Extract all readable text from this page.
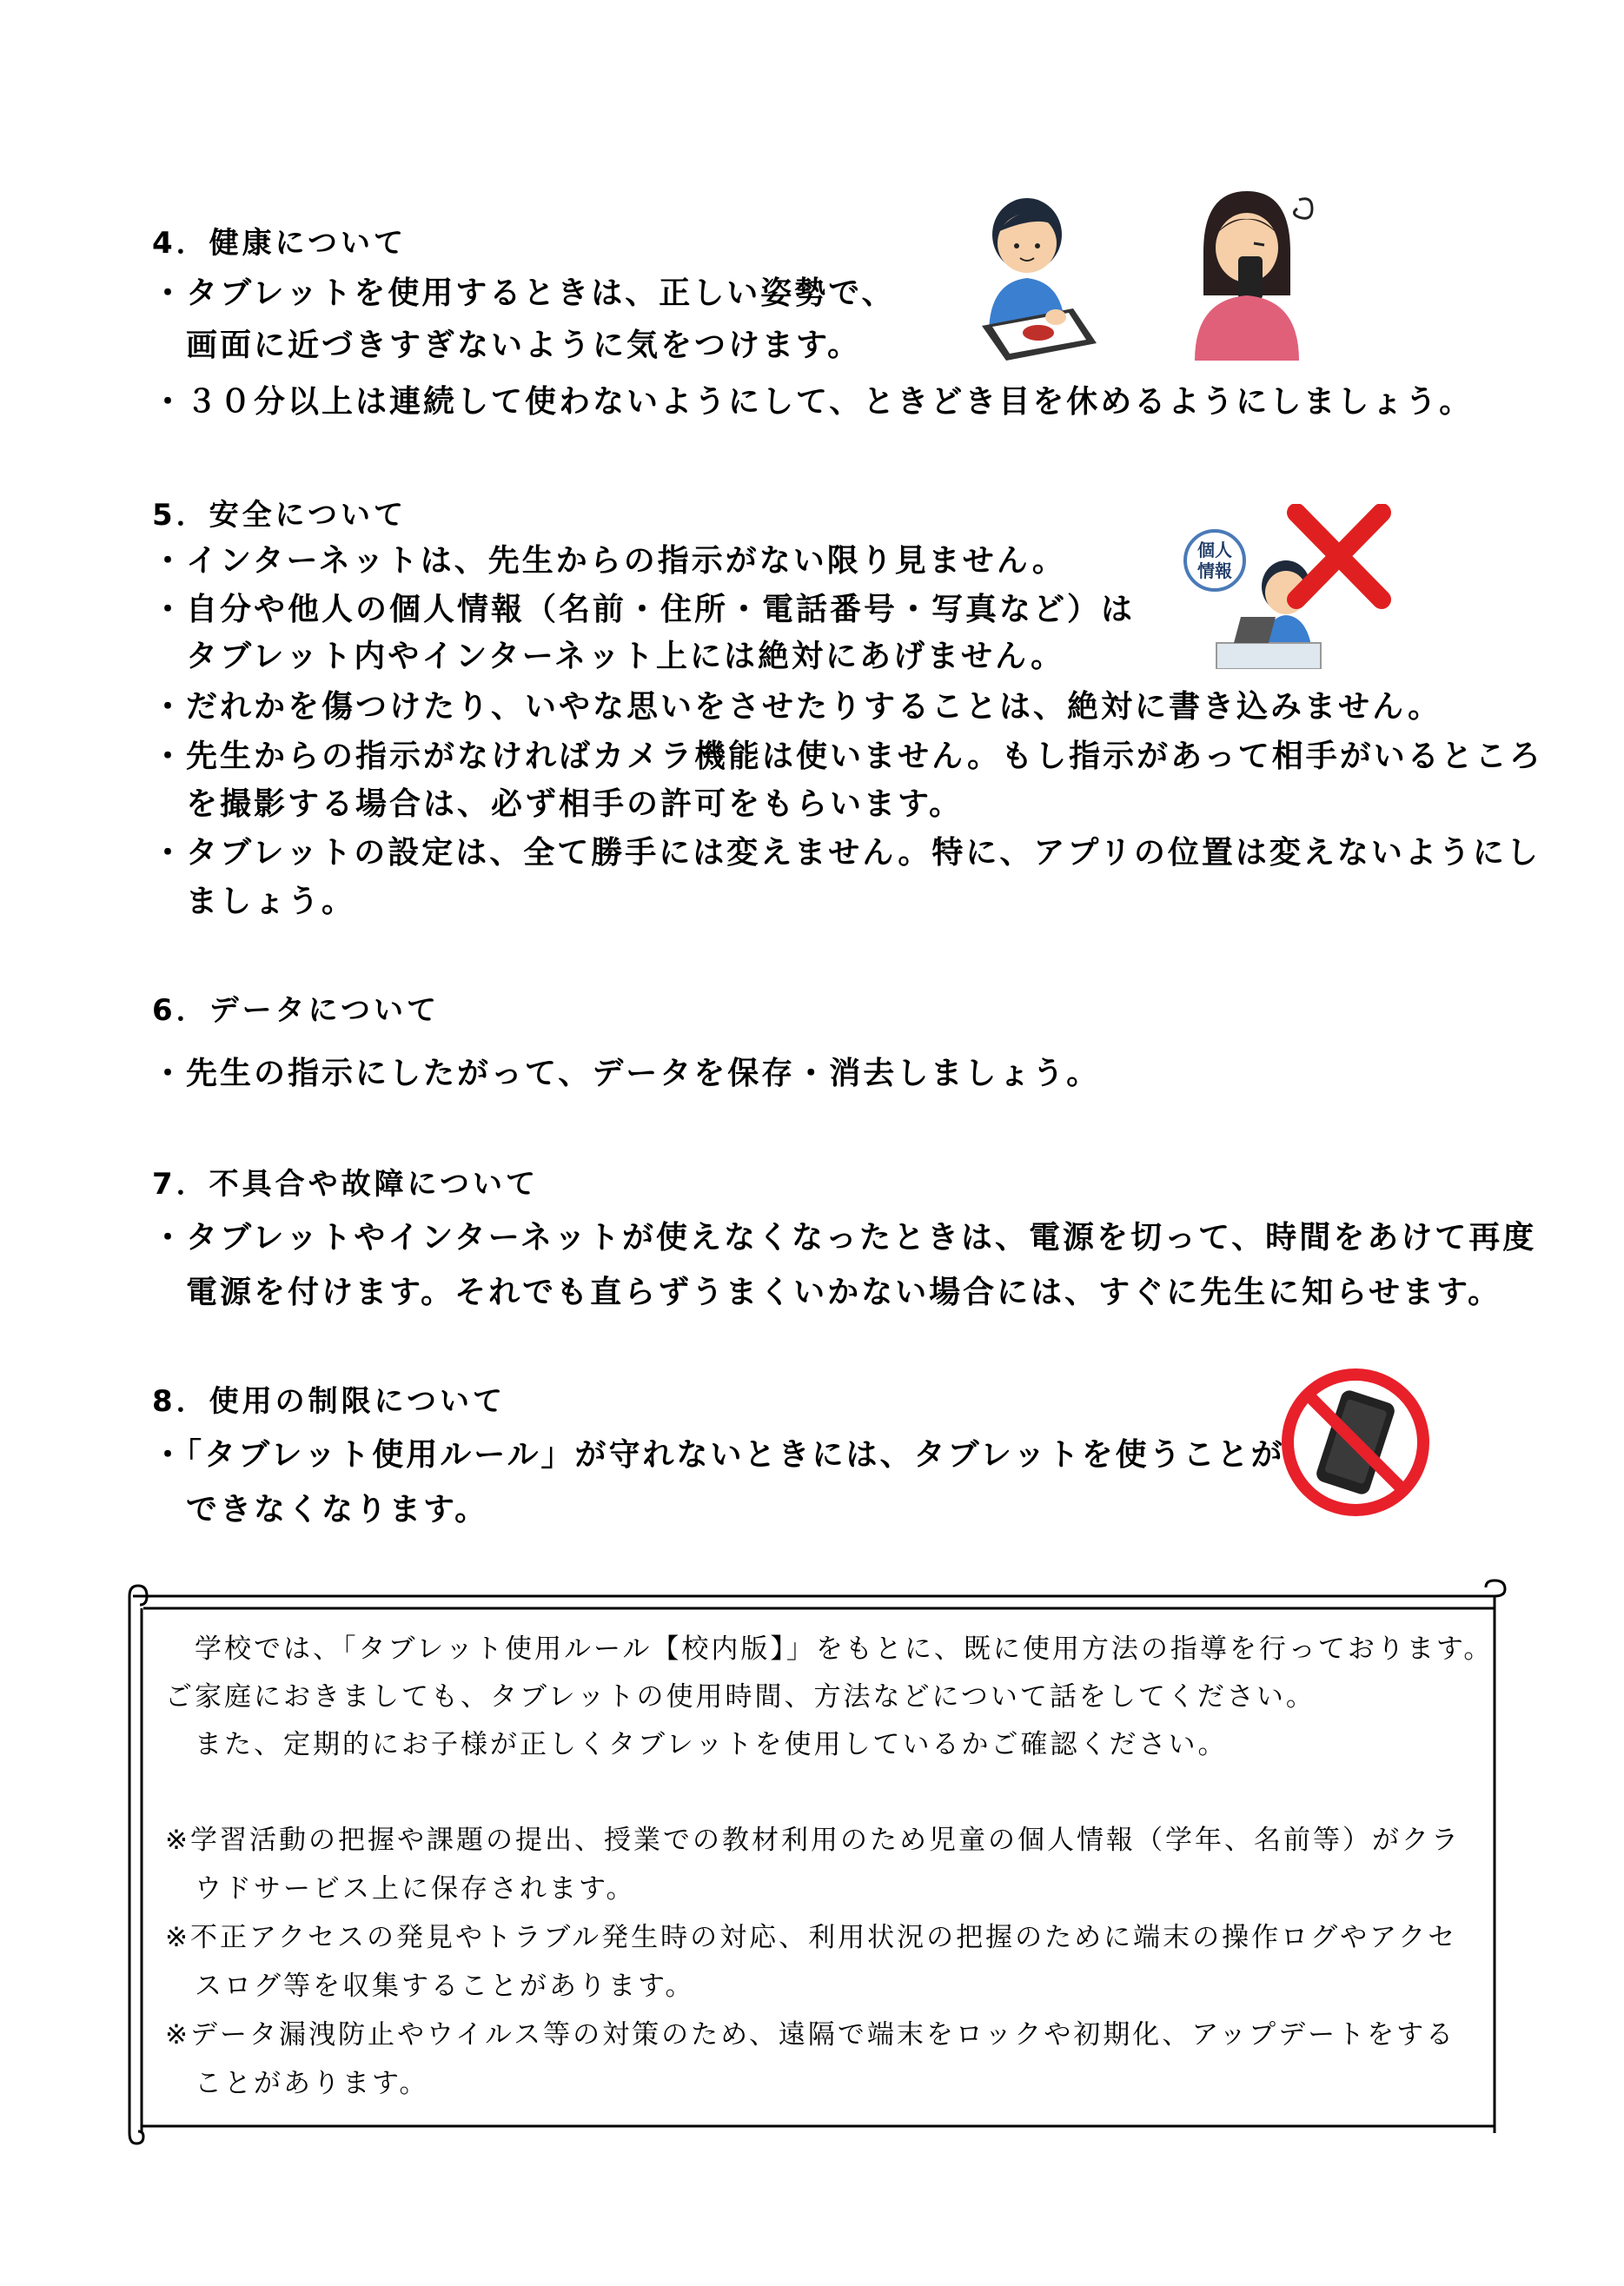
4．健康について
・タブレットを使用するときは、正しい姿勢で、
　画面に近づきすぎないように気をつけます。
・３０分以上は連続して使わないようにして、ときどき目を休めるようにしましょう。
5．安全について
・インターネットは、先生からの指示がない限り見ません。
・自分や他人の個人情報（名前・住所・電話番号・写真など）は
　タブレット内やインターネット上には絶対にあげません。
・だれかを傷つけたり、いやな思いをさせたりすることは、絶対に書き込みません。
・先生からの指示がなければカメラ機能は使いません。もし指示があって相手がいるところ
　を撮影する場合は、必ず相手の許可をもらいます。
・タブレットの設定は、全て勝手には変えません。特に、アプリの位置は変えないようにし
　ましょう。
6．データについて
・先生の指示にしたがって、データを保存・消去しましょう。
7．不具合や故障について
・タブレットやインターネットが使えなくなったときは、電源を切って、時間をあけて再度
　電源を付けます。それでも直らずうまくいかない場合には、すぐに先生に知らせます。
8．使用の制限について
・「タブレット使用ルール」が守れないときには、タブレットを使うことが
　できなくなります。
個人
情報
　学校では、「タブレット使用ルール【校内版】」をもとに、既に使用方法の指導を行っております。
ご家庭におきましても、タブレットの使用時間、方法などについて話をしてください。
　また、定期的にお子様が正しくタブレットを使用しているかご確認ください。
※学習活動の把握や課題の提出、授業での教材利用のため児童の個人情報（学年、名前等）がクラ
　ウドサービス上に保存されます。
※不正アクセスの発見やトラブル発生時の対応、利用状況の把握のために端末の操作ログやアクセ
　スログ等を収集することがあります。
※データ漏洩防止やウイルス等の対策のため、遠隔で端末をロックや初期化、アップデートをする
　ことがあります。
